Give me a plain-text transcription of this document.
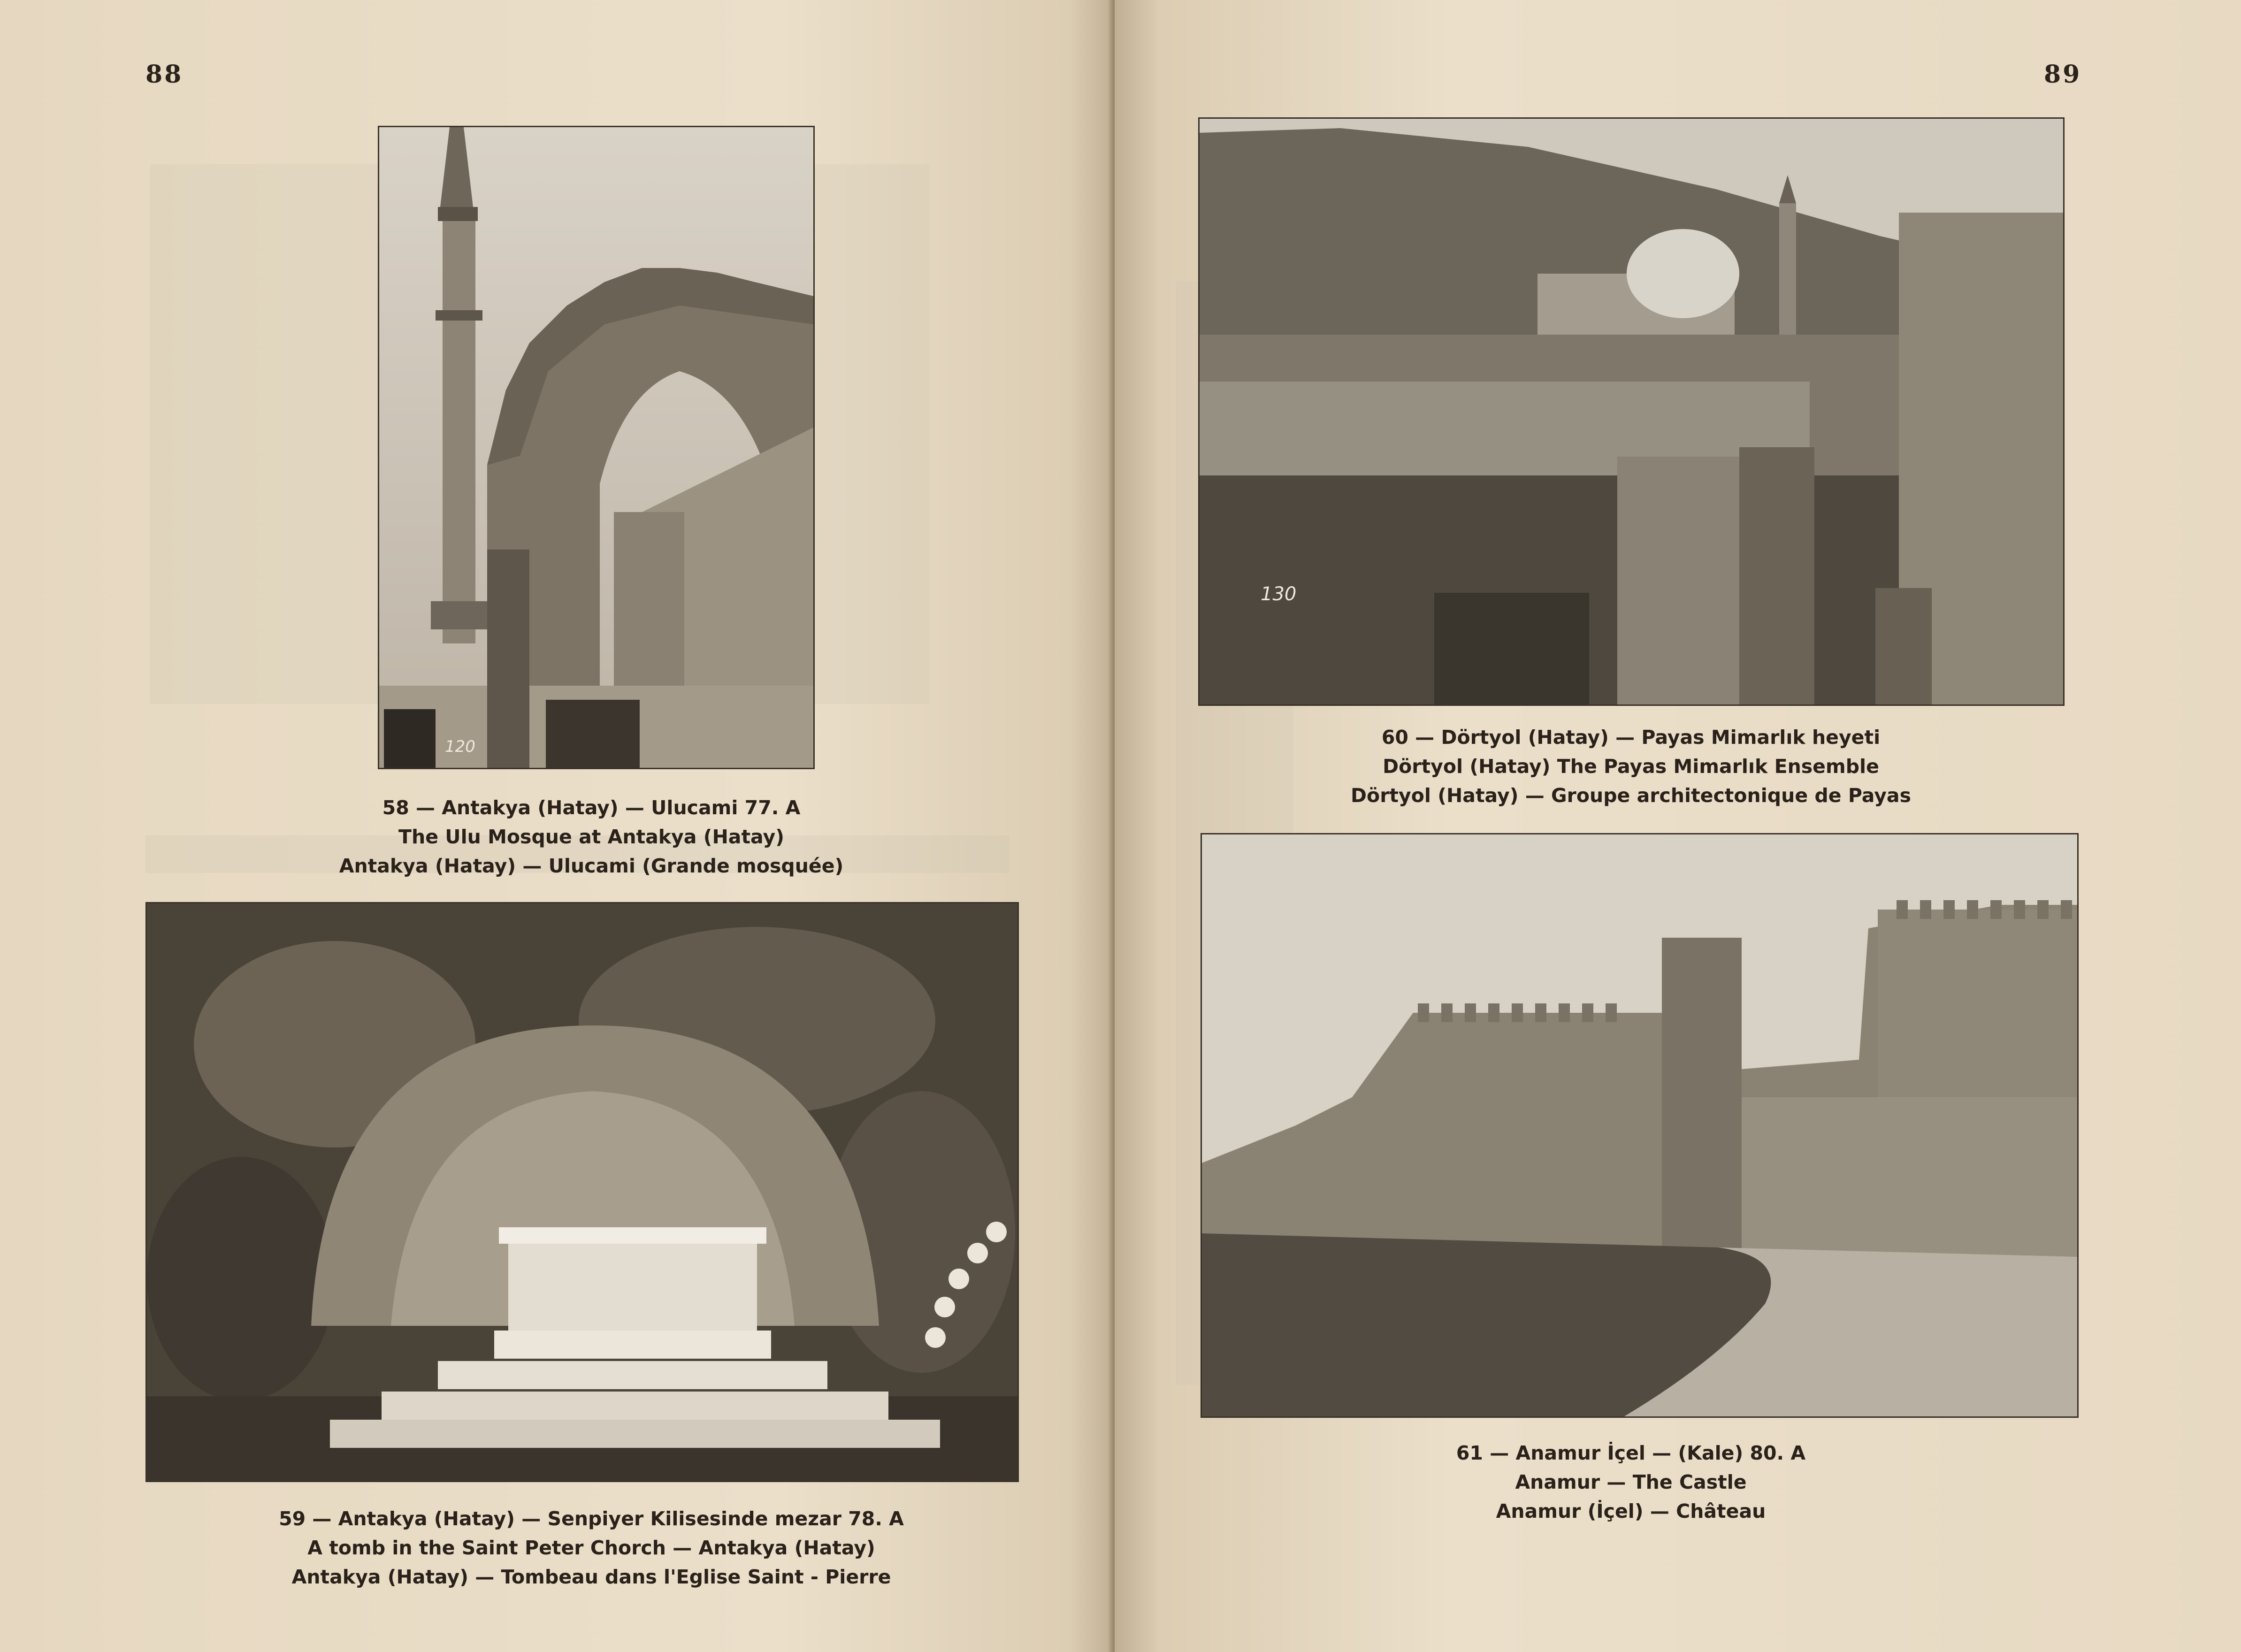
88
120
58 — Antakya (Hatay) — Ulucami 77. A
The Ulu Mosque at Antakya (Hatay)
Antakya (Hatay) — Ulucami (Grande mosquée)
59 — Antakya (Hatay) — Senpiyer Kilisesinde mezar 78. A
A tomb in the Saint Peter Chorch — Antakya (Hatay)
Antakya (Hatay) — Tombeau dans l'Eglise Saint - Pierre
89
130
60 — Dörtyol (Hatay) — Payas Mimarlık heyeti
Dörtyol (Hatay) The Payas Mimarlık Ensemble
Dörtyol (Hatay) — Groupe architectonique de Payas
61 — Anamur İçel — (Kale) 80. A
Anamur — The Castle
Anamur (İçel) — Château
